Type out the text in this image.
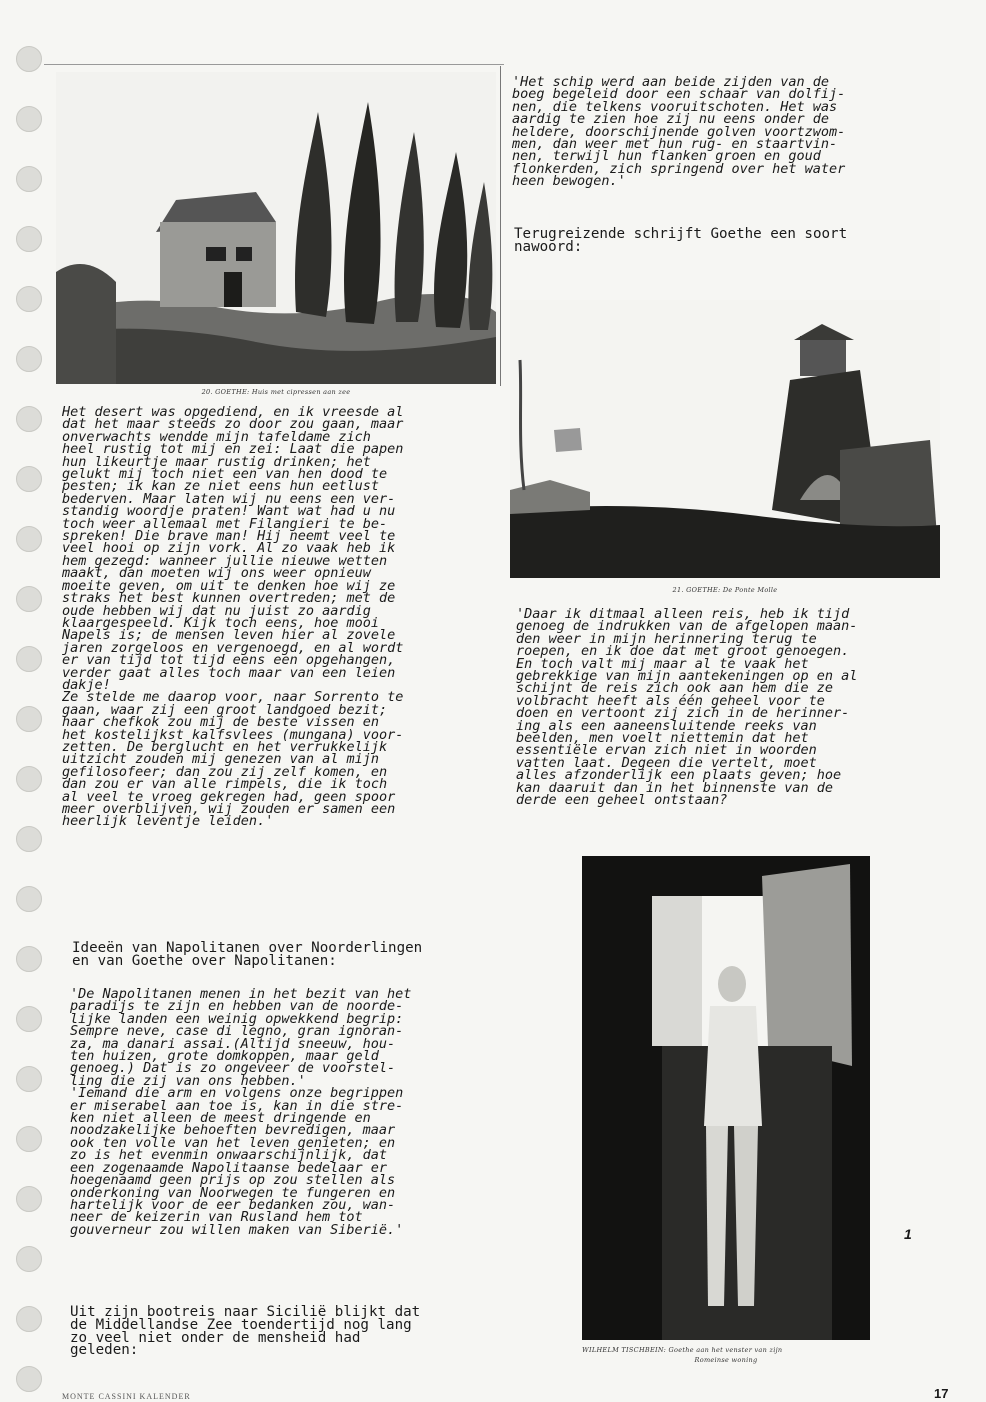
20. GOETHE: Huis met cipressen aan zee
Het desert was opgediend, en ik vreesde al
dat het maar steeds zo door zou gaan, maar
onverwachts wendde mijn tafeldame zich
heel rustig tot mij en zei: Laat die papen
hun likeurtje maar rustig drinken; het
gelukt mij toch niet een van hen dood te
pesten; ik kan ze niet eens hun eetlust
bederven. Maar laten wij nu eens een ver-
standig woordje praten! Want wat had u nu
toch weer allemaal met Filangieri te be-
spreken! Die brave man! Hij neemt veel te
veel hooi op zijn vork. Al zo vaak heb ik
hem gezegd: wanneer jullie nieuwe wetten
maakt, dan moeten wij ons weer opnieuw
moeite geven, om uit te denken hoe wij ze
straks het best kunnen overtreden; met de
oude hebben wij dat nu juist zo aardig
klaargespeeld. Kijk toch eens, hoe mooi
Napels is; de mensen leven hier al zovele
jaren zorgeloos en vergenoegd, en al wordt
er van tijd tot tijd eens een opgehangen,
verder gaat alles toch maar van een leien
dakje!
Ze stelde me daarop voor, naar Sorrento te
gaan, waar zij een groot landgoed bezit;
haar chefkok zou mij de beste vissen en
het kostelijkst kalfsvlees (mungana) voor-
zetten. De berglucht en het verrukkelijk
uitzicht zouden mij genezen van al mijn
gefilosofeer; dan zou zij zelf komen, en
dan zou er van alle rimpels, die ik toch
al veel te vroeg gekregen had, geen spoor
meer overblijven, wij zouden er samen een
heerlijk leventje leiden.'
Ideeën van Napolitanen over Noorderlingen
en van Goethe over Napolitanen:
'De Napolitanen menen in het bezit van het
paradijs te zijn en hebben van de noorde-
lijke landen een weinig opwekkend begrip:
Sempre neve, case di legno, gran ignoran-
za, ma danari assai.(Altijd sneeuw, hou-
ten huizen, grote domkoppen, maar geld
genoeg.) Dat is zo ongeveer de voorstel-
ling die zij van ons hebben.'
'Iemand die arm en volgens onze begrippen
er miserabel aan toe is, kan in die stre-
ken niet alleen de meest dringende en
noodzakelijke behoeften bevredigen, maar
ook ten volle van het leven genieten; en
zo is het evenmin onwaarschijnlijk, dat
een zogenaamde Napolitaanse bedelaar er
hoegenaamd geen prijs op zou stellen als
onderkoning van Noorwegen te fungeren en
hartelijk voor de eer bedanken zou, wan-
neer de keizerin van Rusland hem tot
gouverneur zou willen maken van Siberië.'
Uit zijn bootreis naar Sicilië blijkt dat
de Middellandse Zee toendertijd nog lang
zo veel niet onder de mensheid had
geleden:
'Het schip werd aan beide zijden van de
boeg begeleid door een schaar van dolfij-
nen, die telkens vooruitschoten. Het was
aardig te zien hoe zij nu eens onder de
heldere, doorschijnende golven voortzwom-
men, dan weer met hun rug- en staartvin-
nen, terwijl hun flanken groen en goud
flonkerden, zich springend over het water
heen bewogen.'
Terugreizende schrijft Goethe een soort
nawoord:
21. GOETHE: De Ponte Molle
'Daar ik ditmaal alleen reis, heb ik tijd
genoeg de indrukken van de afgelopen maan-
den weer in mijn herinnering terug te
roepen, en ik doe dat met groot genoegen.
En toch valt mij maar al te vaak het
gebrekkige van mijn aantekeningen op en al
schijnt de reis zich ook aan hem die ze
volbracht heeft als één geheel voor te
doen en vertoont zij zich in de herinner-
ing als een aaneensluitende reeks van
beelden, men voelt niettemin dat het
essentiële ervan zich niet in woorden
vatten laat. Degeen die vertelt, moet
alles afzonderlijk een plaats geven; hoe
kan daaruit dan in het binnenste van de
derde een geheel ontstaan?
WILHELM TISCHBEIN: Goethe aan het venster van zijn
Romeinse woning
1
MONTE CASSINI KALENDER	17
